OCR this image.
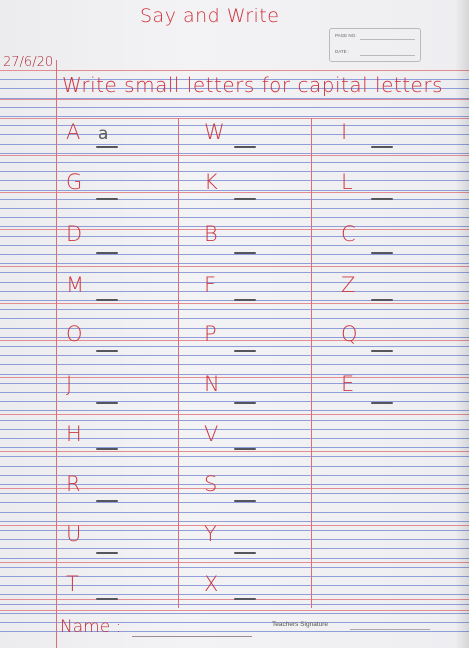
Say and Write
27/6/20
PAGE NO.
DATE :
Write small letters for capital letters
A a
G
D
M
O
J
H
R
U
T
W
K
B
F
P
N
V
S
Y
X
I
L
C
Z
Q
E
Name :	Teachers Signature
